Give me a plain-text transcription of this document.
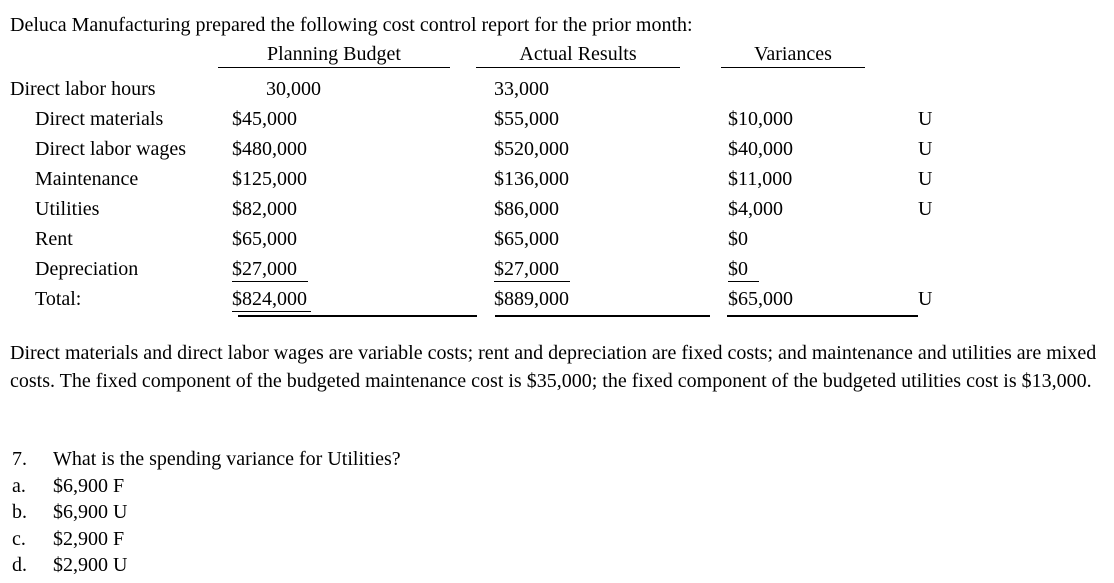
Deluca Manufacturing prepared the following cost control report for the prior month:
Planning Budget	Actual Results	Variances
Direct labor hours	30,000	33,000
Direct materials	$45,000	$55,000	$10,000	U
Direct labor wages	$480,000	$520,000	$40,000	U
Maintenance	$125,000	$136,000	$11,000	U
Utilities	$82,000	$86,000	$4,000	U
Rent	$65,000	$65,000	$0
Depreciation	$27,000	$27,000	$0
Total:	$824,000	$889,000	$65,000	U
Direct materials and direct labor wages are variable costs; rent and depreciation are fixed costs; and maintenance and utilities are mixed costs. The fixed component of the budgeted maintenance cost is $35,000; the fixed component of the budgeted utilities cost is $13,000.
7.	What is the spending variance for Utilities?
a.	$6,900 F
b.	$6,900 U
c.	$2,900 F
d.	$2,900 U
